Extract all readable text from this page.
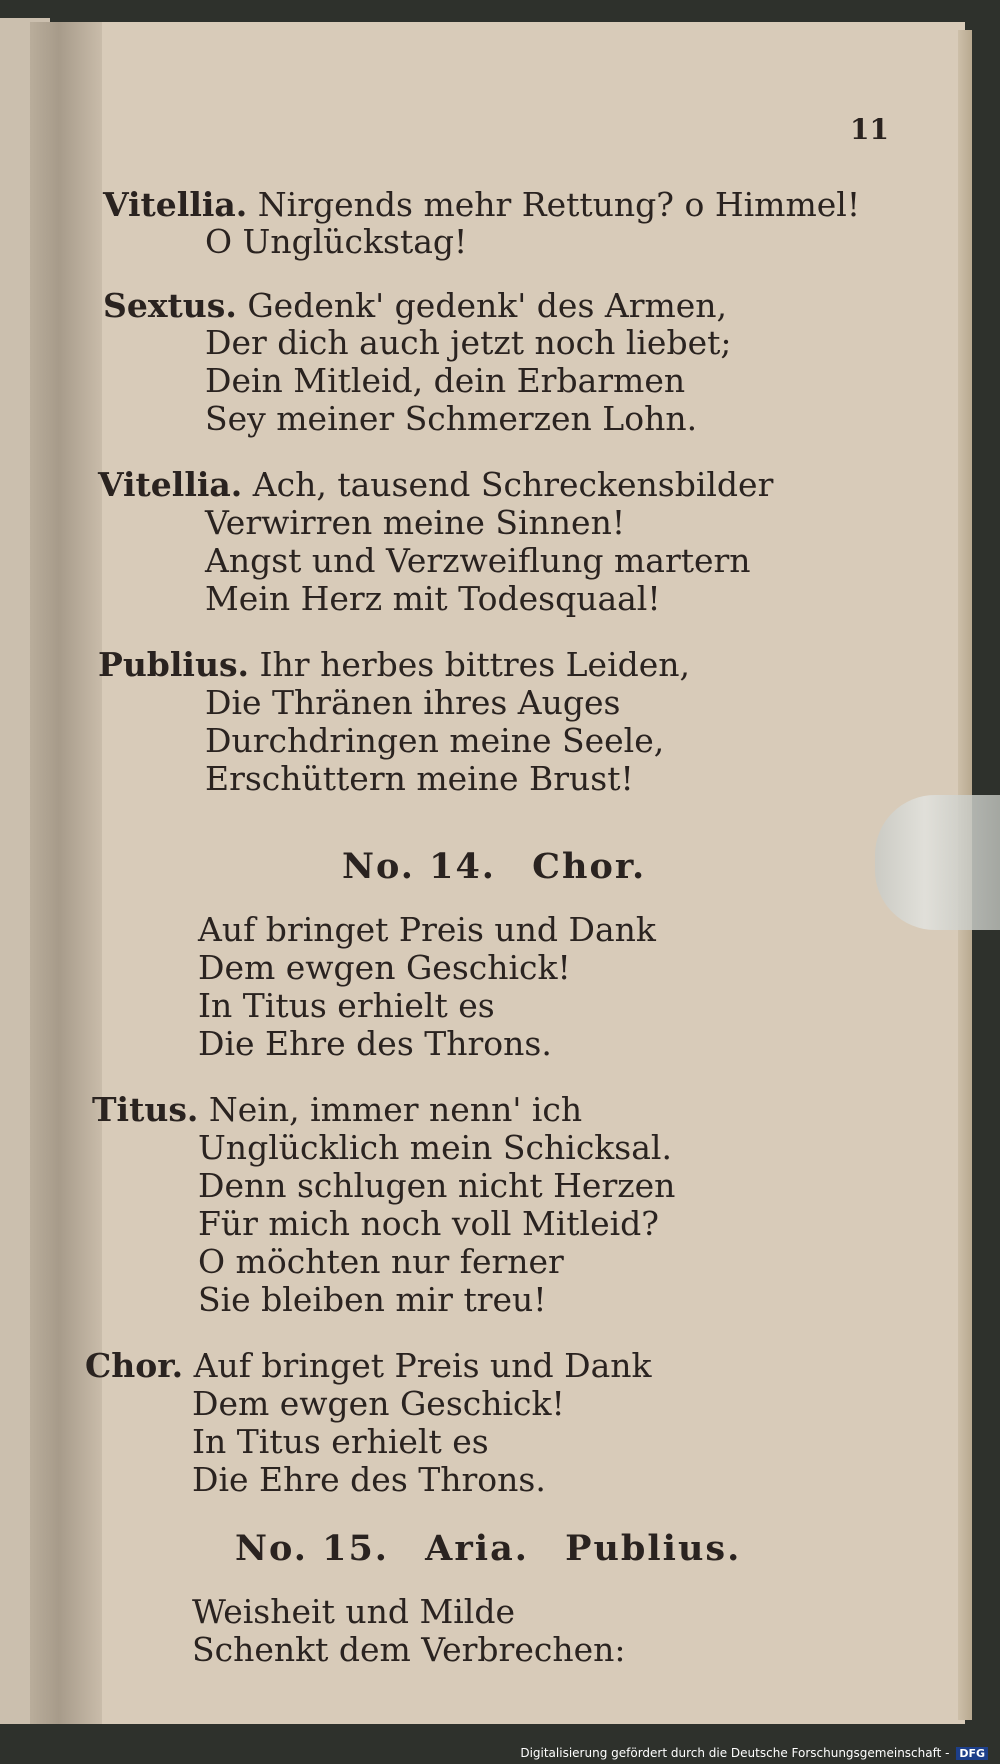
11
Vitellia. Nirgends mehr Rettung? o Himmel!
O Unglückstag!
Sextus. Gedenk' gedenk' des Armen,
Der dich auch jetzt noch liebet;
Dein Mitleid, dein Erbarmen
Sey meiner Schmerzen Lohn.
Vitellia. Ach, tausend Schreckensbilder
Verwirren meine Sinnen!
Angst und Verzweiflung martern
Mein Herz mit Todesquaal!
Publius. Ihr herbes bittres Leiden,
Die Thränen ihres Auges
Durchdringen meine Seele,
Erschüttern meine Brust!
No. 14. Chor.
Auf bringet Preis und Dank
Dem ewgen Geschick!
In Titus erhielt es
Die Ehre des Throns.
Titus. Nein, immer nenn' ich
Unglücklich mein Schicksal.
Denn schlugen nicht Herzen
Für mich noch voll Mitleid?
O möchten nur ferner
Sie bleiben mir treu!
Chor. Auf bringet Preis und Dank
Dem ewgen Geschick!
In Titus erhielt es
Die Ehre des Throns.
No. 15. Aria. Publius.
Weisheit und Milde
Schenkt dem Verbrechen:
Digitalisierung gefördert durch die Deutsche Forschungsgemeinschaft - DFG
